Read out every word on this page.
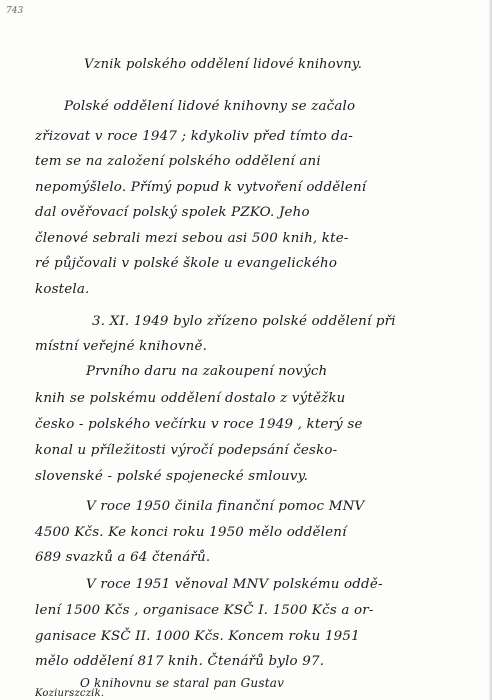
743
Vznik polského oddělení lidové knihovny.
Polské oddělení lidové knihovny se začalo
zřizovat v roce 1947 ; kdykoliv před tímto da-
tem se na založení polského oddělení ani
nepomýšlelo. Přímý popud k vytvoření oddělení
dal ověřovací polský spolek PZKO. Jeho
členové sebrali mezi sebou asi 500 knih, kte-
ré půjčovali v polské škole u evangelického
kostela.
3. XI. 1949 bylo zřízeno polské oddělení při
místní veřejné knihovně.
Prvního daru na zakoupení nových
knih se polskému oddělení dostalo z výtěžku
česko - polského večírku v roce 1949 , který se
konal u příležitosti výročí podepsání česko-
slovenské - polské spojenecké smlouvy.
V roce 1950 činila finanční pomoc MNV
4500 Kčs. Ke konci roku 1950 mělo oddělení
689 svazků a 64 čtenářů.
V roce 1951 věnoval MNV polskému oddě-
lení 1500 Kčs , organisace KSČ I. 1500 Kčs a or-
ganisace KSČ II. 1000 Kčs. Koncem roku 1951
mělo oddělení 817 knih. Čtenářů bylo 97.
O knihovnu se staral pan Gustav
Koziurszczik.
